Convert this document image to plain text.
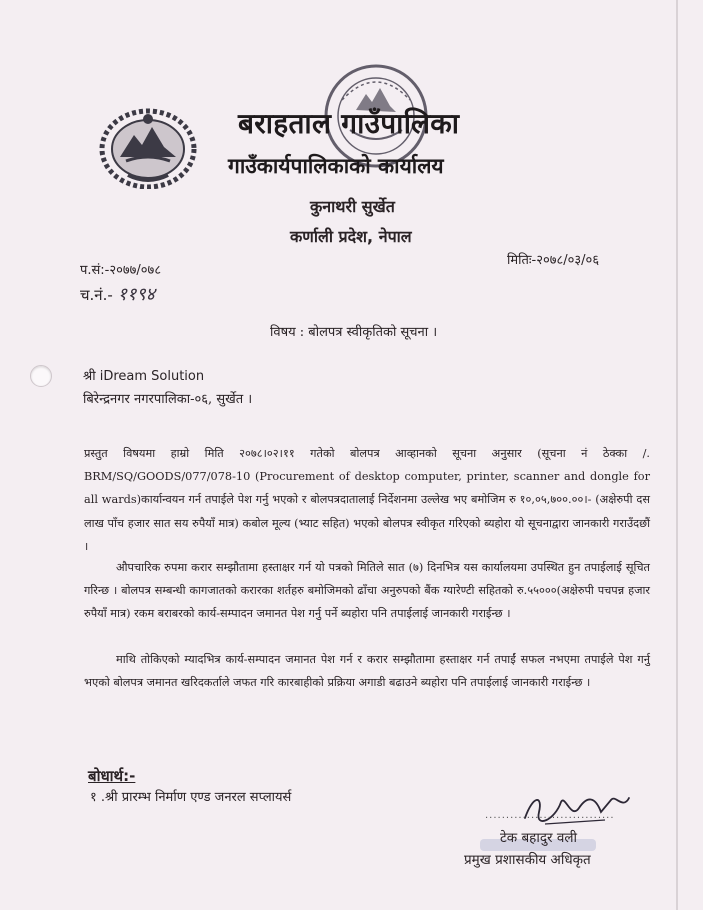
बराहताल गाउँपालिका
गाउँकार्यपालिकाको कार्यालय
कुनाथरी सुर्खेत
कर्णाली प्रदेश, नेपाल
प.सं:-२०७७/०७८
मितिः-२०७८/०३/०६
च.नं.- ११९४
विषय : बोलपत्र स्वीकृतिको सूचना ।
श्री iDream Solution
बिरेन्द्रनगर नगरपालिका-०६, सुर्खेत ।
प्रस्तुत विषयमा हाम्रो मिति २०७८।०२।११ गतेको बोलपत्र आव्हानको सूचना अनुसार (सूचना नं ठेक्का /. BRM/SQ/GOODS/077/078-10 (Procurement of desktop computer, printer, scanner and dongle for all wards)कार्यान्वयन गर्न तपाईले पेश गर्नु भएको र बोलपत्रदातालाई निर्देशनमा उल्लेख भए बमोजिम रु १०,०५,७००.००।- (अक्षेरुपी दस लाख पाँच हजार सात सय रुपैयाँ मात्र) कबोल मूल्य (भ्याट सहित) भएको बोलपत्र स्वीकृत गरिएको ब्यहोरा यो सूचनाद्वारा जानकारी गराउँदछौं ।
औपचारिक रुपमा करार सम्झौतामा हस्ताक्षर गर्न यो पत्रको मितिले सात (७) दिनभित्र यस कार्यालयमा उपस्थित हुन तपाईलाई सूचित गरिन्छ । बोलपत्र सम्बन्धी कागजातको करारका शर्तहरु बमोजिमको ढाँचा अनुरुपको बैंक ग्यारेण्टी सहितको रु.५५०००(अक्षेरुपी पचपन्न हजार रुपैयाँ मात्र) रकम बराबरको कार्य-सम्पादन जमानत पेश गर्नु पर्ने ब्यहोरा पनि तपाईलाई जानकारी गराईन्छ ।
माथि तोकिएको म्यादभित्र कार्य-सम्पादन जमानत पेश गर्न र करार सम्झौतामा हस्ताक्षर गर्न तपाईं सफल नभएमा तपाईले पेश गर्नु भएको बोलपत्र जमानत खरिदकर्ताले जफत गरि कारबाहीको प्रक्रिया अगाडी बढाउने ब्यहोरा पनि तपाईलाई जानकारी गराईन्छ ।
बोधार्थ:-
१ .श्री प्रारम्भ निर्माण एण्ड जनरल सप्लायर्स
...............................
टेक बहादुर वली
प्रमुख प्रशासकीय अधिकृत
